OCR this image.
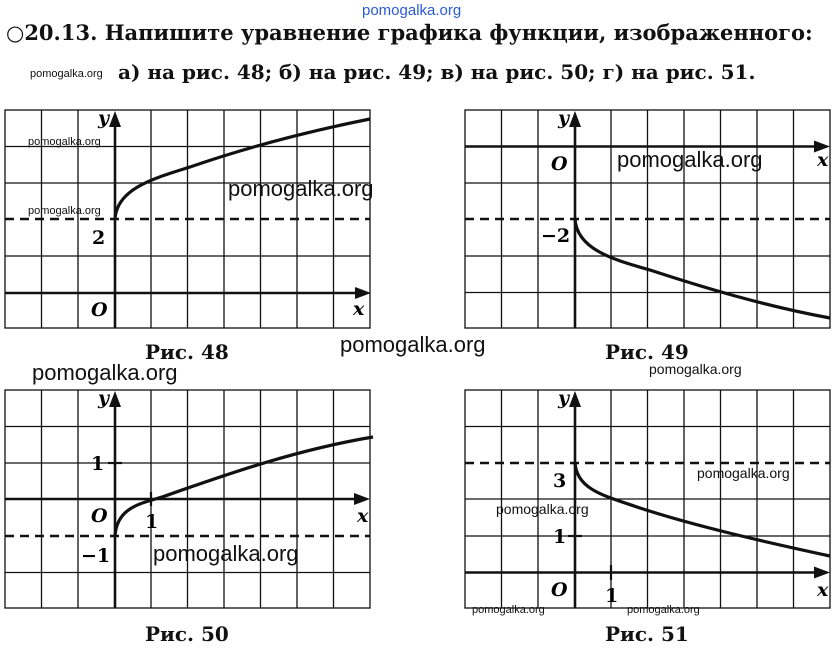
pomogalka.org
pomogalka.org
pomogalka.org
pomogalka.org
pomogalka.org
pomogalka.org
pomogalka.org
pomogalka.org	pomogalka.org
pomogalka.org
pomogalka.org
pomogalka.org
pomogalka.org	pomogalka.org
○20.13. Напишите уравнение графика функции, изображенного:
а) на рис. 48; б) на рис. 49; в) на рис. 50; г) на рис. 51.
y
x
O
2
Рис. 48
y
x
O
−2
Рис. 49
y
x
O
1
1
−1
Рис. 50
y
x
O
3
1
1
Рис. 51
